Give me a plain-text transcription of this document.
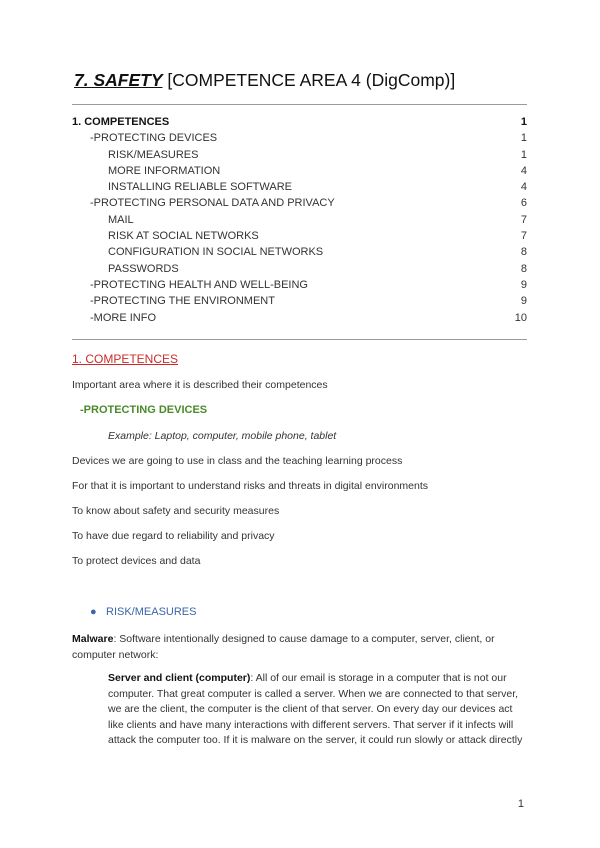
7. SAFETY [COMPETENCE AREA 4 (DigComp)]
1. COMPETENCES	1
-PROTECTING DEVICES	1
RISK/MEASURES	1
MORE INFORMATION	4
INSTALLING RELIABLE SOFTWARE	4
-PROTECTING PERSONAL DATA AND PRIVACY	6
MAIL	7
RISK AT SOCIAL NETWORKS	7
CONFIGURATION IN SOCIAL NETWORKS	8
PASSWORDS	8
-PROTECTING HEALTH AND WELL-BEING	9
-PROTECTING THE ENVIRONMENT	9
-MORE INFO	10
1. COMPETENCES
Important area where it is described their competences
-PROTECTING DEVICES
Example: Laptop, computer, mobile phone, tablet
Devices we are going to use in class and the teaching learning process
For that it is important to understand risks and threats in digital environments
To know about safety and security measures
To have due regard to reliability and privacy
To protect devices and data
● RISK/MEASURES
Malware: Software intentionally designed to cause damage to a computer, server, client, or computer network:
Server and client (computer): All of our email is storage in a computer that is not our computer. That great computer is called a server. When we are connected to that server, we are the client, the computer is the client of that server. On every day our devices act like clients and have many interactions with different servers. That server if it infects will attack the computer too. If it is malware on the server, it could run slowly or attack directly
1
